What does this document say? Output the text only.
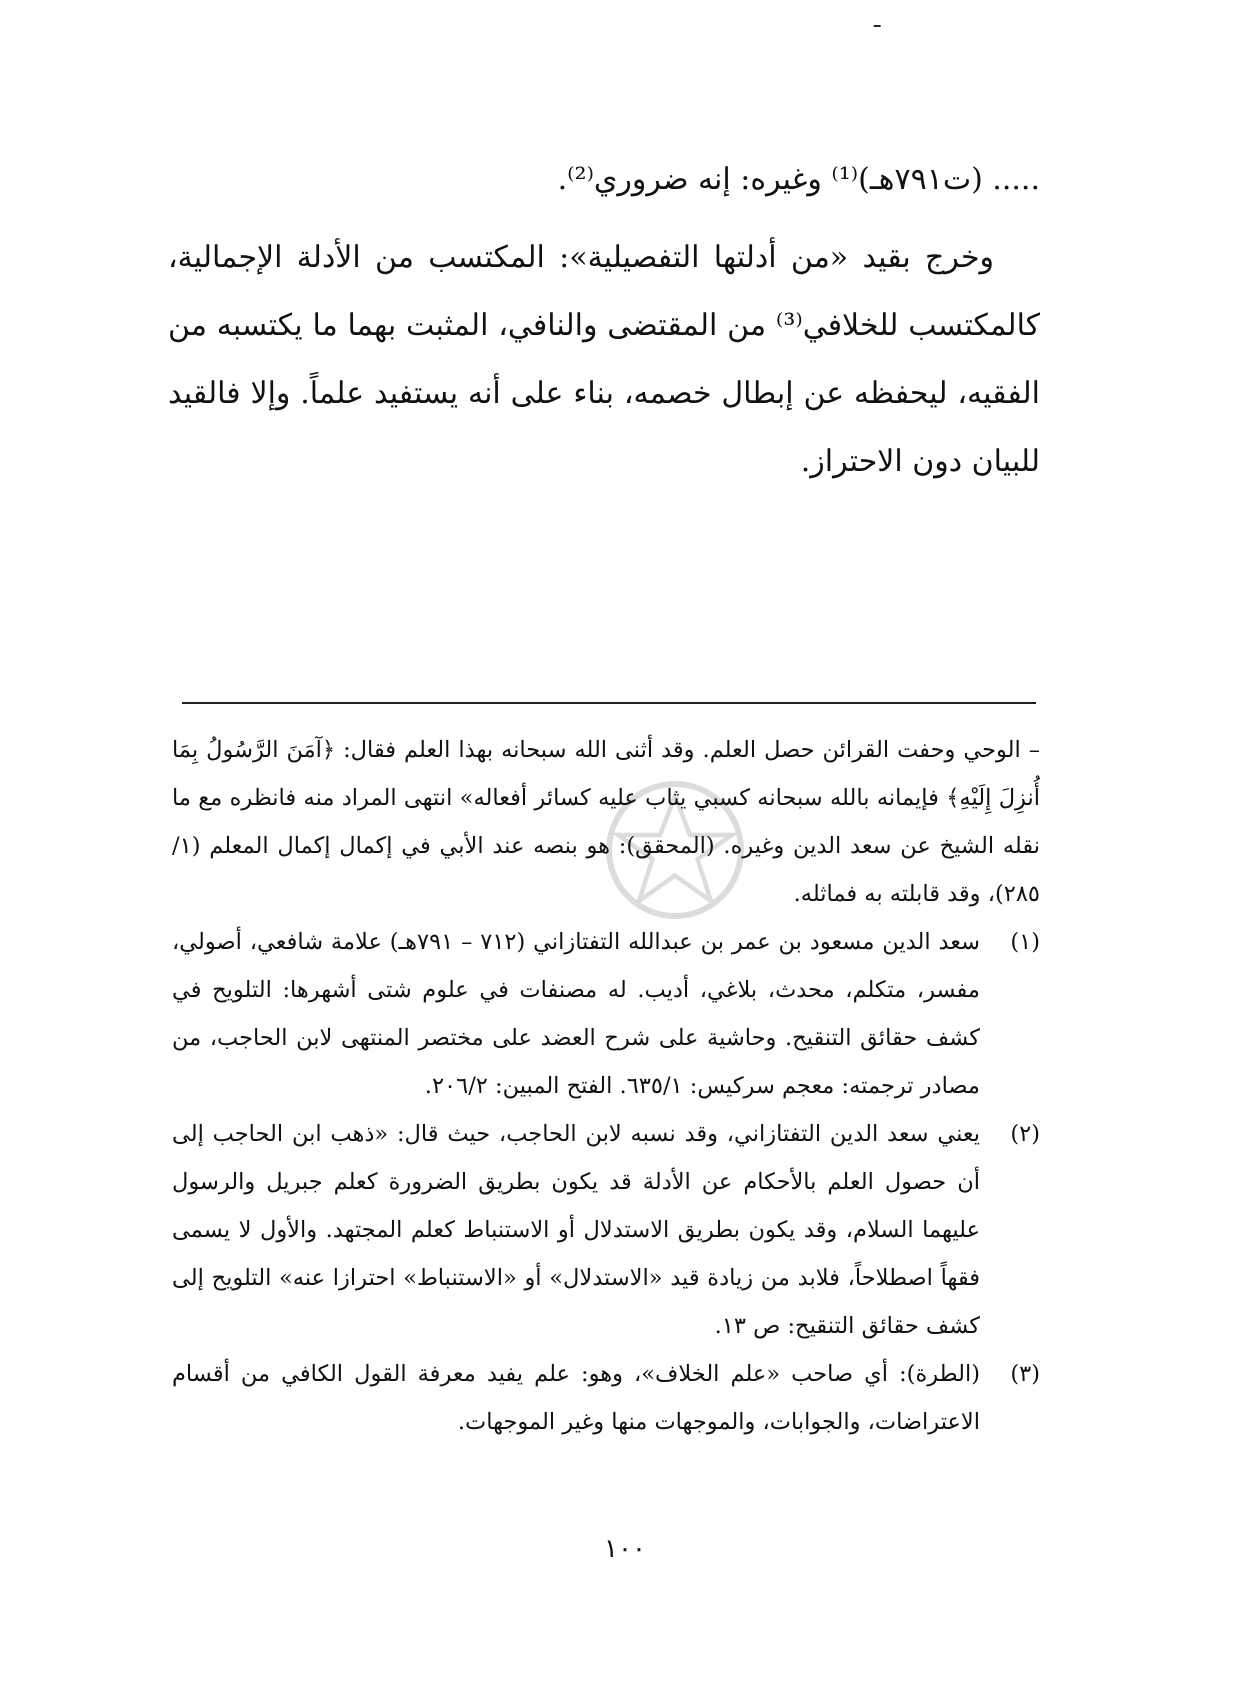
ـ

..... (ت٧٩١هـ)⁽¹⁾ وغيره: إنه ضروري⁽²⁾.

وخرج بقيد «من أدلتها التفصيلية»: المكتسب من الأدلة الإجمالية، كالمكتسب للخلافي⁽³⁾ من المقتضى والنافي، المثبت بهما ما يكتسبه من الفقيه، ليحفظه عن إبطال خصمه، بناء على أنه يستفيد علماً. وإلا فالقيد للبيان دون الاحتراز.

– الوحي وحفت القرائن حصل العلم. وقد أثنى الله سبحانه بهذا العلم فقال: ﴿آمَنَ الرَّسُولُ بِمَا أُنزِلَ إِلَيْهِ﴾ فإيمانه بالله سبحانه كسبي يثاب عليه كسائر أفعاله» انتهى المراد منه فانظره مع ما نقله الشيخ عن سعد الدين وغيره. (المحقق): هو بنصه عند الأبي في إكمال إكمال المعلم (١/ ٢٨٥)، وقد قابلته به فماثله.

(١)
سعد الدين مسعود بن عمر بن عبدالله التفتازاني (٧١٢ – ٧٩١هـ) علامة شافعي، أصولي، مفسر، متكلم، محدث، بلاغي، أديب. له مصنفات في علوم شتى أشهرها: التلويح في كشف حقائق التنقيح. وحاشية على شرح العضد على مختصر المنتهى لابن الحاجب، من مصادر ترجمته: معجم سركيس: ٦٣٥/١. الفتح المبين: ٢٠٦/٢.
(٢)
يعني سعد الدين التفتازاني، وقد نسبه لابن الحاجب، حيث قال: «ذهب ابن الحاجب إلى أن حصول العلم بالأحكام عن الأدلة قد يكون بطريق الضرورة كعلم جبريل والرسول عليهما السلام، وقد يكون بطريق الاستدلال أو الاستنباط كعلم المجتهد. والأول لا يسمى فقهاً اصطلاحاً، فلابد من زيادة قيد «الاستدلال» أو «الاستنباط» احترازا عنه» التلويح إلى كشف حقائق التنقيح: ص ١٣.
(٣)
(الطرة): أي صاحب «علم الخلاف»، وهو: علم يفيد معرفة القول الكافي من أقسام الاعتراضات، والجوابات، والموجهات منها وغير الموجهات.
١٠٠
